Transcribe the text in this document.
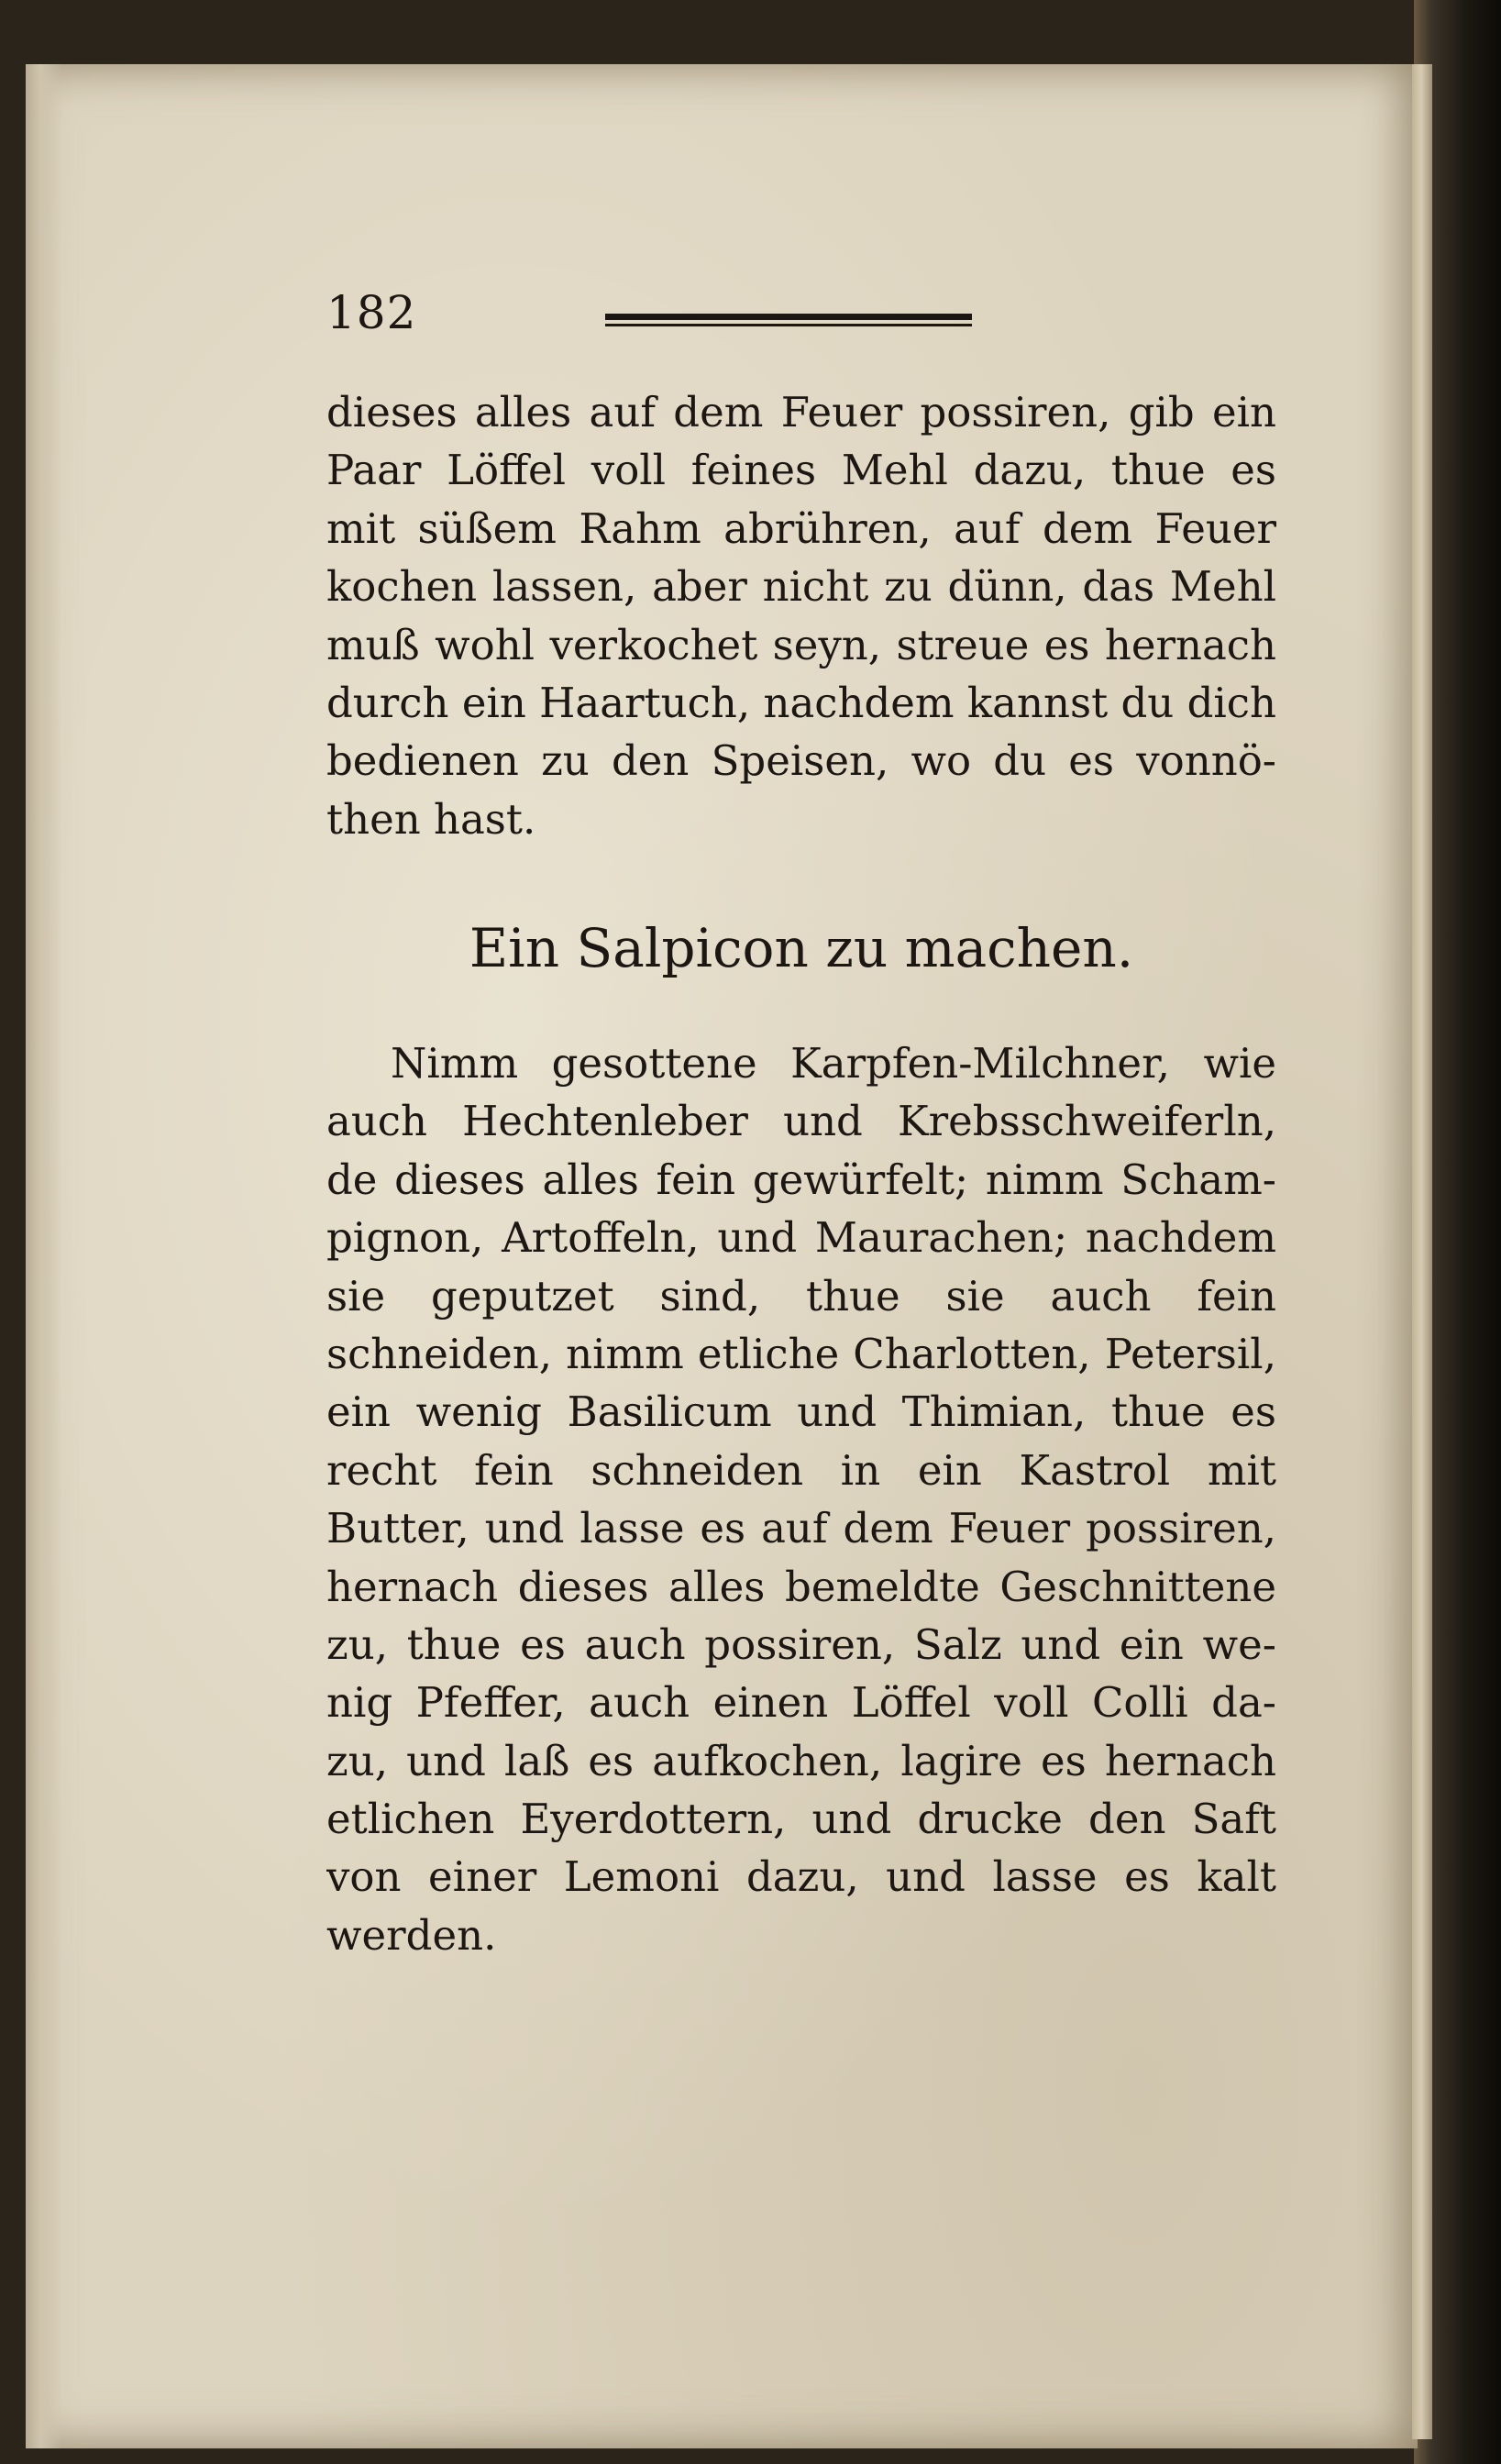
182
dieses alles auf dem Feuer possiren, gib ein
Paar Löffel voll feines Mehl dazu, thue es
mit süßem Rahm abrühren, auf dem Feuer
kochen lassen, aber nicht zu dünn, das Mehl
muß wohl verkochet seyn, streue es hernach
durch ein Haartuch, nachdem kannst du dich
bedienen zu den Speisen, wo du es vonnö-
then hast.
Ein Salpicon zu machen.
Nimm gesottene Karpfen-Milchner, wie
auch Hechtenleber und Krebsschweiferln,
de dieses alles fein gewürfelt; nimm Scham-
pignon, Artoffeln, und Maurachen; nachdem
sie geputzet sind, thue sie auch fein
schneiden, nimm etliche Charlotten, Petersil,
ein wenig Basilicum und Thimian, thue es
recht fein schneiden in ein Kastrol mit
Butter, und lasse es auf dem Feuer possiren,
hernach dieses alles bemeldte Geschnittene
zu, thue es auch possiren, Salz und ein we-
nig Pfeffer, auch einen Löffel voll Colli da-
zu, und laß es aufkochen, lagire es hernach
etlichen Eyerdottern, und drucke den Saft
von einer Lemoni dazu, und lasse es kalt
werden.
